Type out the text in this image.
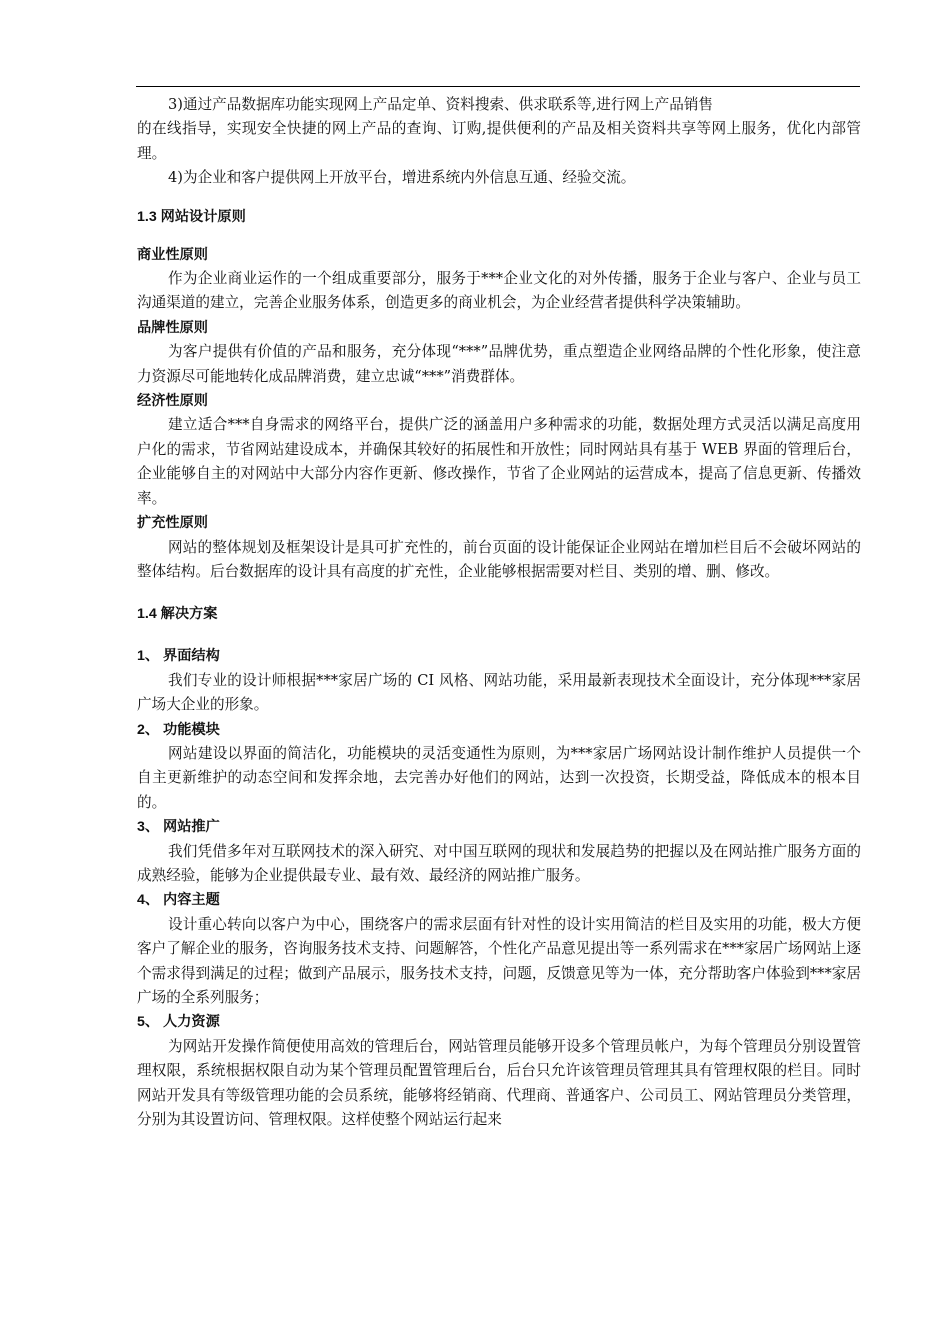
3)通过产品数据库功能实现网上产品定单、资料搜索、供求联系等,进行网上产品销售

的在线指导，实现安全快捷的网上产品的查询、订购,提供便利的产品及相关资料共享等网上服务，优化内部管理。

4)为企业和客户提供网上开放平台，增进系统内外信息互通、经验交流。

1.3 网站设计原则
商业性原则

作为企业商业运作的一个组成重要部分，服务于***企业文化的对外传播，服务于企业与客户、企业与员工沟通渠道的建立，完善企业服务体系，创造更多的商业机会，为企业经营者提供科学决策辅助。

品牌性原则

为客户提供有价值的产品和服务，充分体现“***”品牌优势，重点塑造企业网络品牌的个性化形象，使注意力资源尽可能地转化成品牌消费，建立忠诚“***”消费群体。

经济性原则

建立适合***自身需求的网络平台，提供广泛的涵盖用户多种需求的功能，数据处理方式灵活以满足高度用户化的需求，节省网站建设成本，并确保其较好的拓展性和开放性；同时网站具有基于 WEB 界面的管理后台，企业能够自主的对网站中大部分内容作更新、修改操作，节省了企业网站的运营成本，提高了信息更新、传播效率。

扩充性原则

网站的整体规划及框架设计是具可扩充性的，前台页面的设计能保证企业网站在增加栏目后不会破坏网站的整体结构。后台数据库的设计具有高度的扩充性，企业能够根据需要对栏目、类别的增、删、修改。

1.4 解决方案
1、 界面结构

我们专业的设计师根据***家居广场的 CI 风格、网站功能，采用最新表现技术全面设计，充分体现***家居广场大企业的形象。

2、 功能模块

网站建设以界面的简洁化，功能模块的灵活变通性为原则，为***家居广场网站设计制作维护人员提供一个自主更新维护的动态空间和发挥余地，去完善办好他们的网站，达到一次投资，长期受益，降低成本的根本目的。

3、 网站推广

我们凭借多年对互联网技术的深入研究、对中国互联网的现状和发展趋势的把握以及在网站推广服务方面的成熟经验，能够为企业提供最专业、最有效、最经济的网站推广服务。

4、 内容主题

设计重心转向以客户为中心，围绕客户的需求层面有针对性的设计实用简洁的栏目及实用的功能，极大方便客户了解企业的服务，咨询服务技术支持、问题解答，个性化产品意见提出等一系列需求在***家居广场网站上逐个需求得到满足的过程；做到产品展示，服务技术支持，问题，反馈意见等为一体，充分帮助客户体验到***家居广场的全系列服务；

5、 人力资源

为网站开发操作简便使用高效的管理后台，网站管理员能够开设多个管理员帐户，为每个管理员分别设置管理权限，系统根据权限自动为某个管理员配置管理后台，后台只允许该管理员管理其具有管理权限的栏目。同时网站开发具有等级管理功能的会员系统，能够将经销商、代理商、普通客户、公司员工、网站管理员分类管理，分别为其设置访问、管理权限。这样使整个网站运行起来
